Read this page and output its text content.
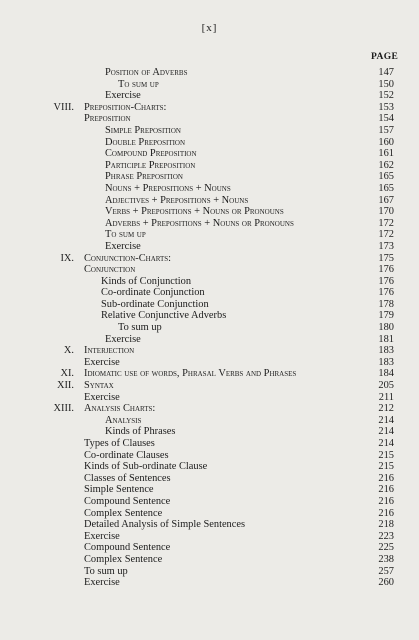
[x]
PAGE
Position of Adverbs	147
To sum up	150
Exercise	152
VIII. Preposition-Charts:	153
Preposition	154
Simple Preposition	157
Double Preposition	160
Compound Preposition	161
Participle Preposition	162
Phrase Preposition	165
Nouns + Prepositions + Nouns	165
Adjectives + Prepositions + Nouns	167
Verbs + Prepositions + Nouns or Pronouns	170
Adverbs + Prepositions + Nouns or Pronouns	172
To sum up	172
Exercise	173
IX. Conjunction-Charts:	175
Conjunction	176
Kinds of Conjunction	176
Co-ordinate Conjunction	176
Sub-ordinate Conjunction	178
Relative Conjunctive Adverbs	179
To sum up	180
Exercise	181
X. Interjection	183
Exercise	183
XI. Idiomatic use of words, Phrasal Verbs and Phrases	184
XII. Syntax	205
Exercise	211
XIII. Analysis Charts:	212
Analysis	214
Kinds of Phrases	214
Types of Clauses	214
Co-ordinate Clauses	215
Kinds of Sub-ordinate Clause	215
Classes of Sentences	216
Simple Sentence	216
Compound Sentence	216
Complex Sentence	216
Detailed Analysis of Simple Sentences	218
Exercise	223
Compound Sentence	225
Complex Sentence	238
To sum up	257
Exercise	260
